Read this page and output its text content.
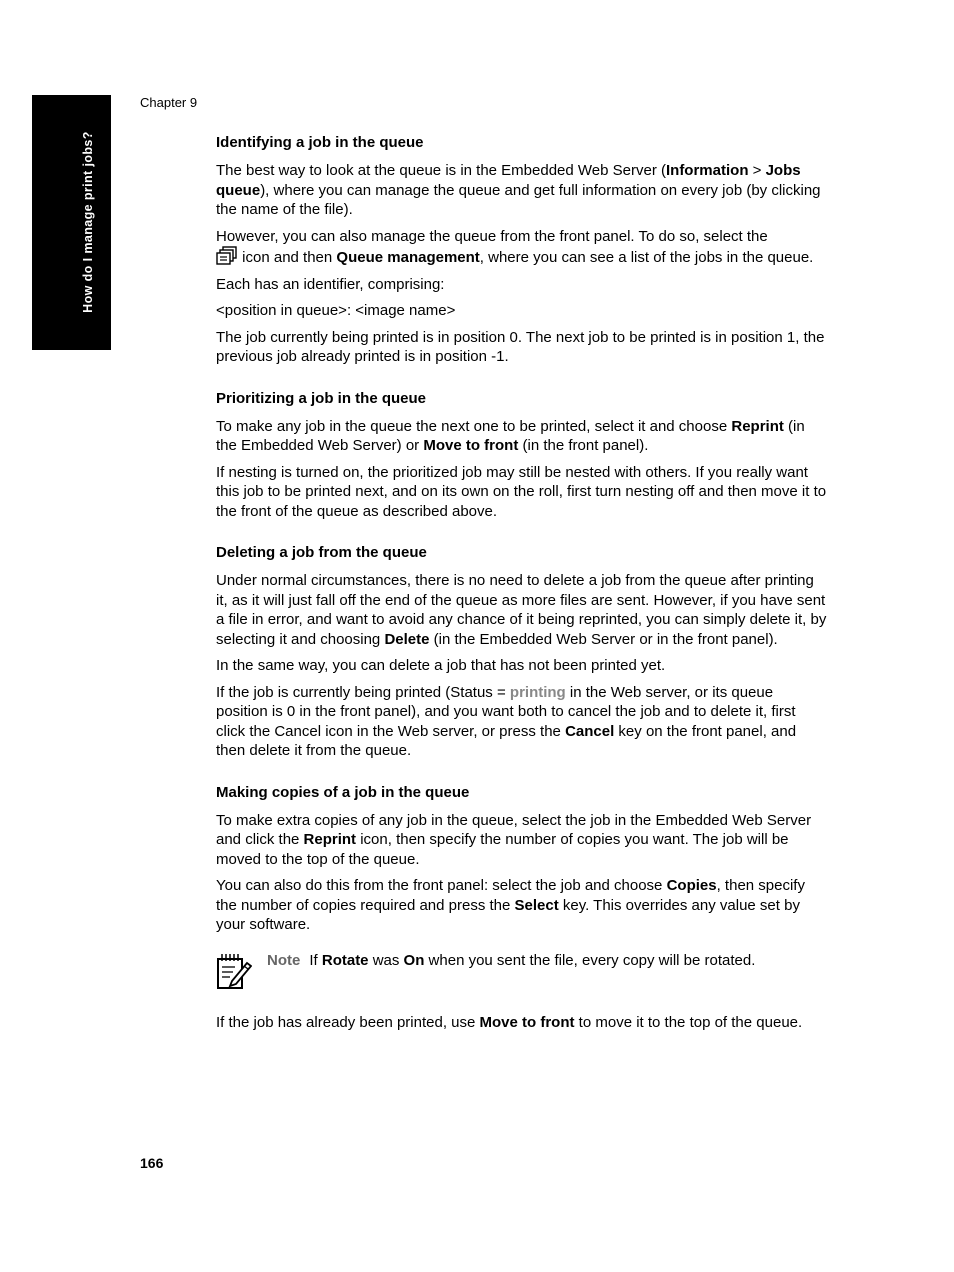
How do I manage print jobs?
Chapter 9
Identifying a job in the queue

The best way to look at the queue is in the Embedded Web Server (Information > Jobs queue), where you can manage the queue and get full information on every job (by clicking the name of the file).

However, you can also manage the queue from the front panel. To do so, select the
icon and then Queue management, where you can see a list of the jobs in the queue.

Each has an identifier, comprising:

<position in queue>: <image name>

The job currently being printed is in position 0. The next job to be printed is in position 1, the previous job already printed is in position -1.

Prioritizing a job in the queue

To make any job in the queue the next one to be printed, select it and choose Reprint (in the Embedded Web Server) or Move to front (in the front panel).

If nesting is turned on, the prioritized job may still be nested with others. If you really want this job to be printed next, and on its own on the roll, first turn nesting off and then move it to the front of the queue as described above.

Deleting a job from the queue

Under normal circumstances, there is no need to delete a job from the queue after printing it, as it will just fall off the end of the queue as more files are sent. However, if you have sent a file in error, and want to avoid any chance of it being reprinted, you can simply delete it, by selecting it and choosing Delete (in the Embedded Web Server or in the front panel).

In the same way, you can delete a job that has not been printed yet.

If the job is currently being printed (Status = printing in the Web server, or its queue position is 0 in the front panel), and you want both to cancel the job and to delete it, first click the Cancel icon in the Web server, or press the Cancel key on the front panel, and then delete it from the queue.

Making copies of a job in the queue

To make extra copies of any job in the queue, select the job in the Embedded Web Server and click the Reprint icon, then specify the number of copies you want. The job will be moved to the top of the queue.

You can also do this from the front panel: select the job and choose Copies, then specify the number of copies required and press the Select key. This overrides any value set by your software.

Note If Rotate was On when you sent the file, every copy will be rotated.

If the job has already been printed, use Move to front to move it to the top of the queue.

166
